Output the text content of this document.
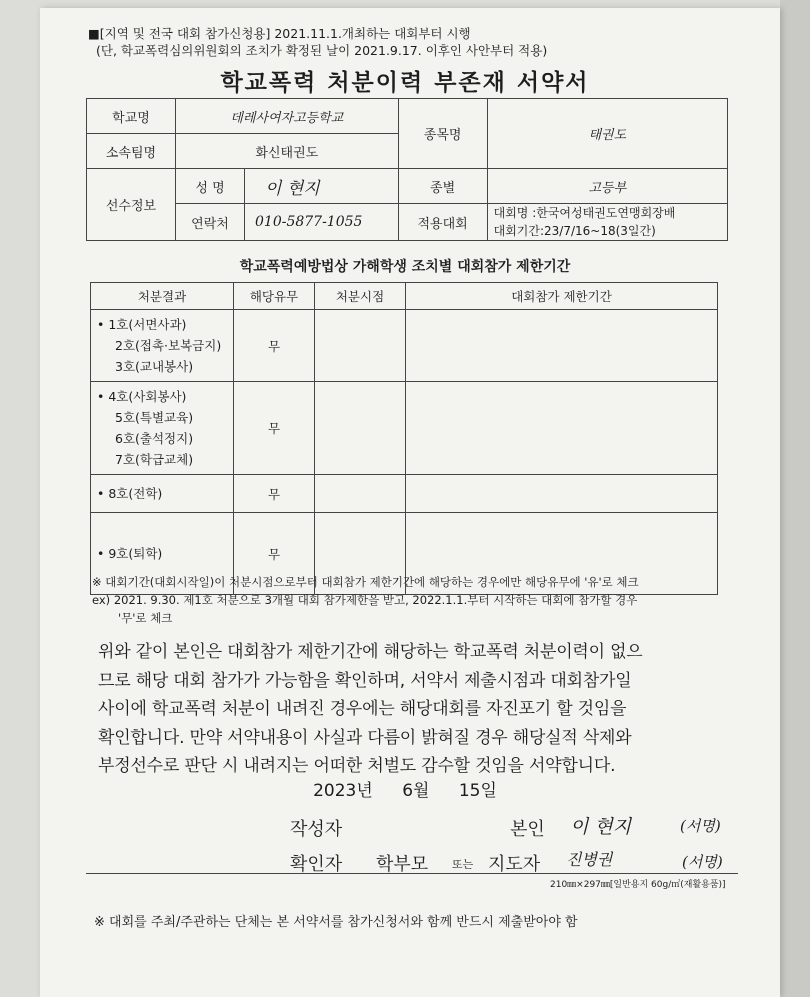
■[지역 및 전국 대회 참가신청용] 2021.11.1.개최하는 대회부터 시행
(단, 학교폭력심의위원회의 조치가 확정된 날이 2021.9.17. 이후인 사안부터 적용)
학교폭력 처분이력 부존재 서약서
학교명	데레사여자고등학교		종목명	태권도
소속팀명	화신태권도			
선수정보	성 명	이 현지	종별	고등부
	연락처	010-5877-1055	적용대회	대회명 :한국여성태권도연맹회장배
대회기간:23/7/16~18(3일간)
학교폭력예방법상 가해학생 조치별 대회참가 제한기간
처분결과	해당유무	처분시점	대회참가 제한기간

• 1호(서면사과)
2호(접촉·보복금지)
3호(교내봉사)	무		

• 4호(사회봉사)
5호(특별교육)
6호(출석정지)
7호(학급교체)	무		

• 8호(전학)	무		

• 9호(퇴학)	무		
※ 대회기간(대회시작일)이 처분시점으로부터 대회참가 제한기간에 해당하는 경우에만 해당유무에 '유'로 체크
ex) 2021. 9.30. 제1호 처분으로 3개월 대회 참가제한을 받고, 2022.1.1.부터 시작하는 대회에 참가할 경우
'무'로 체크
위와 같이 본인은 대회참가 제한기간에 해당하는 학교폭력 처분이력이 없으
므로 해당 대회 참가가 가능함을 확인하며, 서약서 제출시점과 대회참가일
사이에 학교폭력 처분이 내려진 경우에는 해당대회를 자진포기 할 것임을
확인합니다. 만약 서약내용이 사실과 다름이 밝혀질 경우 해당실적 삭제와
부정선수로 판단 시 내려지는 어떠한 처벌도 감수할 것임을 서약합니다.
2023년 6월 15일
작성자	본인 이 현지	(서명)
확인자 학부모 또는 지도자 진병권	(서명)
210㎜×297㎜[일반용지 60g/㎡(재활용품)]
※ 대회를 주최/주관하는 단체는 본 서약서를 참가신청서와 함께 반드시 제출받아야 함
